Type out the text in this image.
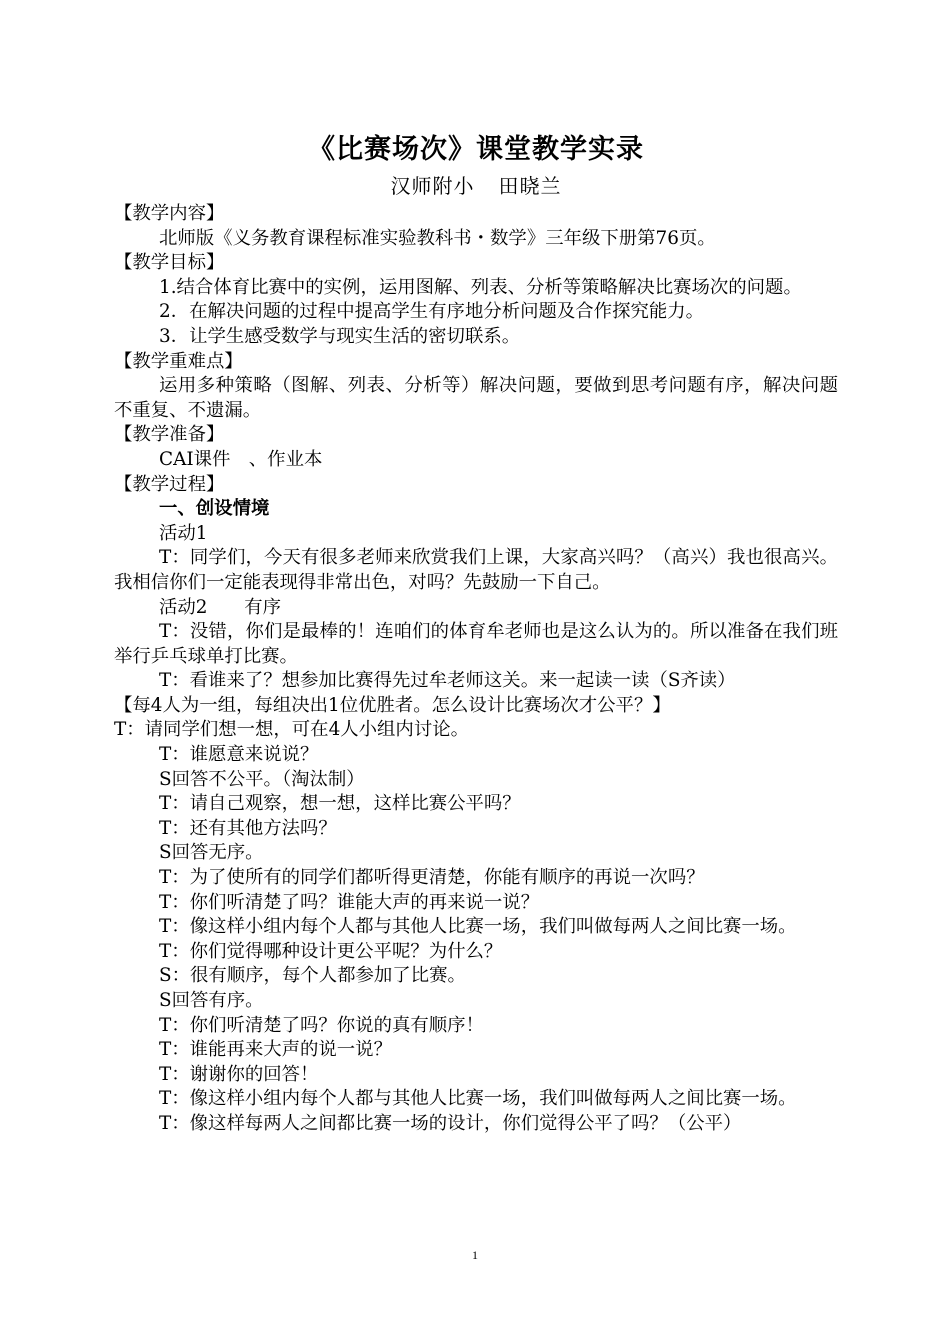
《比赛场次》课堂教学实录

汉师附小 田晓兰

【教学内容】

北师版《义务教育课程标准实验教科书・数学》三年级下册第76页。

【教学目标】

1.结合体育比赛中的实例，运用图解、列表、分析等策略解决比赛场次的问题。

2．在解决问题的过程中提高学生有序地分析问题及合作探究能力。

3．让学生感受数学与现实生活的密切联系。

【教学重难点】

运用多种策略（图解、列表、分析等）解决问题，要做到思考问题有序，解决问题不重复、不遗漏。

【教学准备】

CAI课件　、作业本

【教学过程】

一、创设情境

活动1

T：同学们，今天有很多老师来欣赏我们上课，大家高兴吗？（高兴）我也很高兴。我相信你们一定能表现得非常出色，对吗？先鼓励一下自己。

活动2　　有序

T：没错，你们是最棒的！连咱们的体育牟老师也是这么认为的。所以准备在我们班举行乒乓球单打比赛。

T：看谁来了？想参加比赛得先过牟老师这关。来一起读一读（S齐读）

【每4人为一组，每组决出1位优胜者。怎么设计比赛场次才公平？】

T：请同学们想一想，可在4人小组内讨论。

T：谁愿意来说说？

S回答不公平。（淘汰制）

T：请自己观察，想一想，这样比赛公平吗？

T：还有其他方法吗？

S回答无序。

T：为了使所有的同学们都听得更清楚，你能有顺序的再说一次吗？

T：你们听清楚了吗？谁能大声的再来说一说？

T：像这样小组内每个人都与其他人比赛一场，我们叫做每两人之间比赛一场。

T：你们觉得哪种设计更公平呢？为什么？

S：很有顺序，每个人都参加了比赛。

S回答有序。

T：你们听清楚了吗？你说的真有顺序！

T：谁能再来大声的说一说？

T：谢谢你的回答！

T：像这样小组内每个人都与其他人比赛一场，我们叫做每两人之间比赛一场。

T：像这样每两人之间都比赛一场的设计，你们觉得公平了吗？（公平）

1
